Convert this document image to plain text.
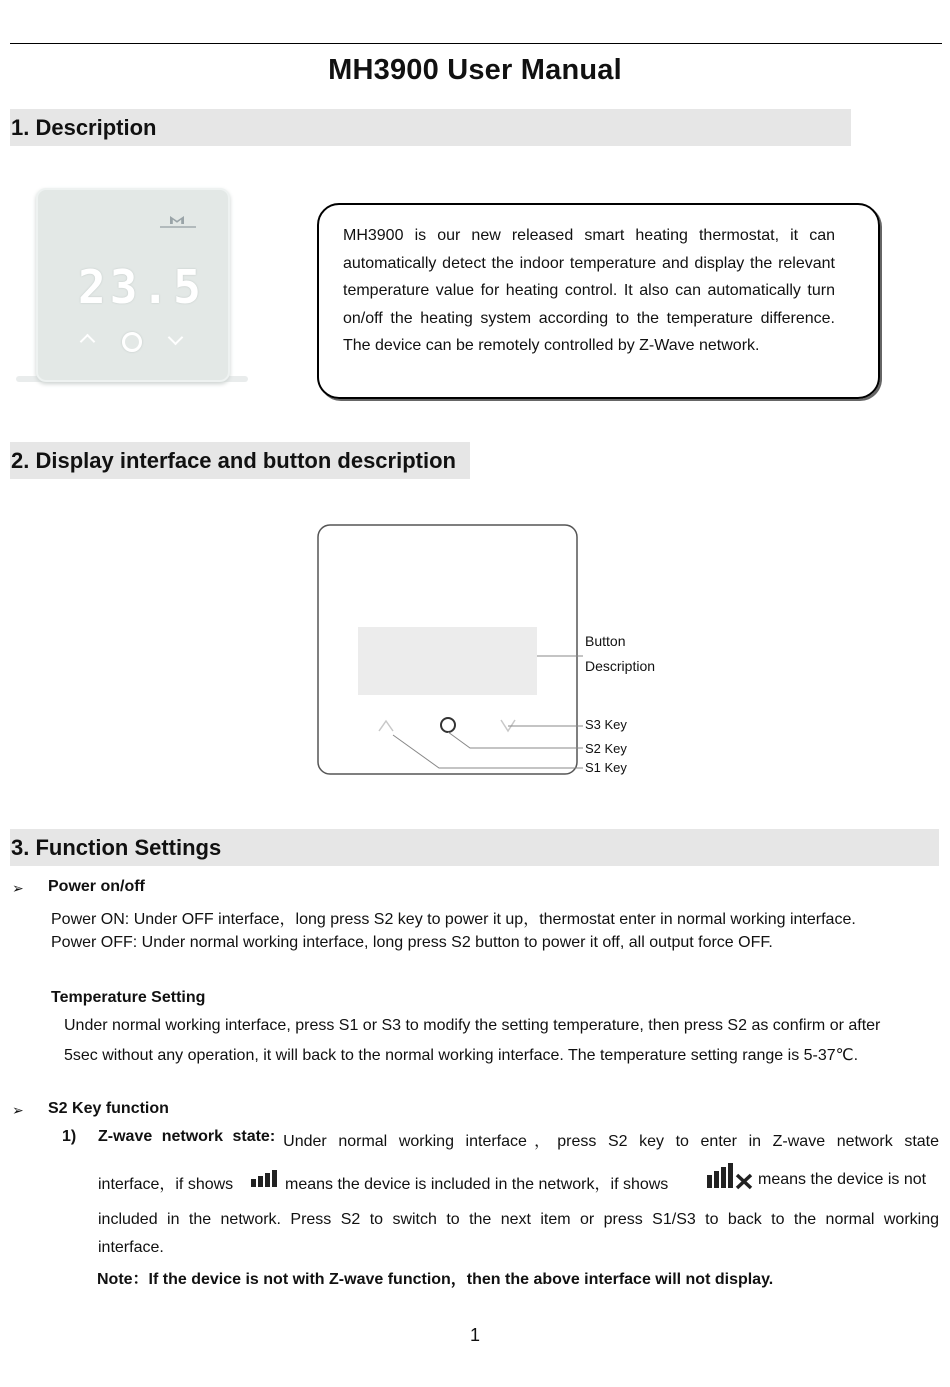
MH3900 User Manual
1. Description
23.5
MH3900 is our new released smart heating thermostat, it can automatically detect the indoor temperature and display the relevant temperature value for heating control. It also can automatically turn on/off the heating system according to the temperature difference. The device can be remotely controlled by Z-Wave network.
2. Display interface and button description
Button
Description
S3 Key
S2 Key
S1 Key
3. Function Settings
➢ Power on/off
Power ON: Under OFF interface，long press S2 key to power it up，thermostat enter in normal working interface.
Power OFF: Under normal working interface, long press S2 button to power it off, all output force OFF.
Temperature Setting
Under normal working interface, press S1 or S3 to modify the setting temperature, then press S2 as confirm or after
5sec without any operation, it will back to the normal working interface. The temperature setting range is 5-37℃.
➢ S2 Key function
1) Z-wave network state: Under normal working interface，press S2 key to enter in Z-wave network state
interface，if shows	means the device is included in the network，if shows	means the device is not
included in the network. Press S2 to switch to the next item or press S1/S3 to back to the normal working
interface.
Note：If the device is not with Z-wave function，then the above interface will not display.
1
